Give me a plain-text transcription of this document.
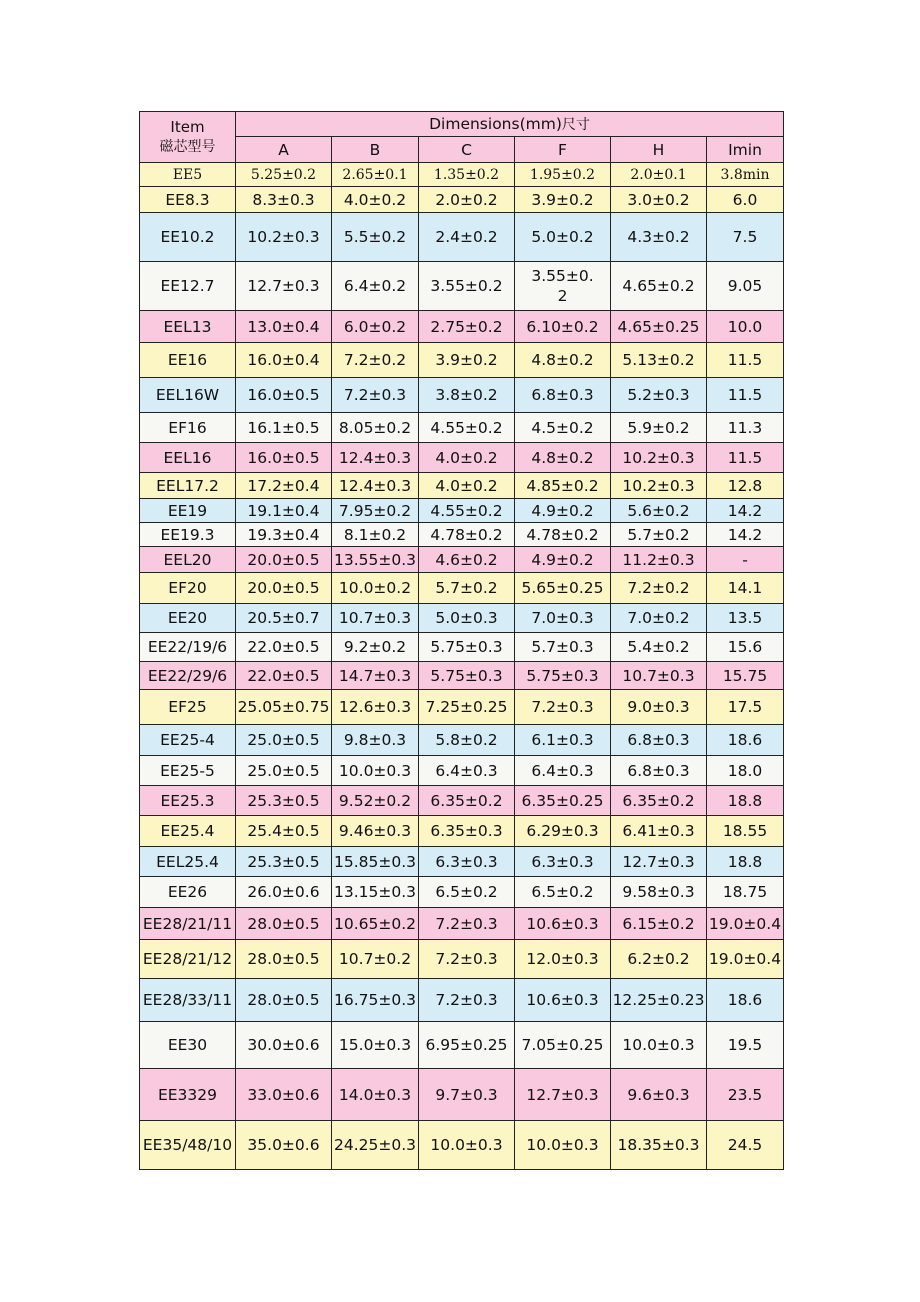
Item
磁芯型号	Dimensions(mm)尺寸					
	A	B	C	F	H	Imin
EE5	5.25±0.2	2.65±0.1	1.35±0.2	1.95±0.2	2.0±0.1	3.8min
EE8.3	8.3±0.3	4.0±0.2	2.0±0.2	3.9±0.2	3.0±0.2	6.0
EE10.2	10.2±0.3	5.5±0.2	2.4±0.2	5.0±0.2	4.3±0.2	7.5
EE12.7	12.7±0.3	6.4±0.2	3.55±0.2	3.55±0.2	4.65±0.2	9.05
EEL13	13.0±0.4	6.0±0.2	2.75±0.2	6.10±0.2	4.65±0.25	10.0
EE16	16.0±0.4	7.2±0.2	3.9±0.2	4.8±0.2	5.13±0.2	11.5
EEL16W	16.0±0.5	7.2±0.3	3.8±0.2	6.8±0.3	5.2±0.3	11.5
EF16	16.1±0.5	8.05±0.2	4.55±0.2	4.5±0.2	5.9±0.2	11.3
EEL16	16.0±0.5	12.4±0.3	4.0±0.2	4.8±0.2	10.2±0.3	11.5
EEL17.2	17.2±0.4	12.4±0.3	4.0±0.2	4.85±0.2	10.2±0.3	12.8
EE19	19.1±0.4	7.95±0.2	4.55±0.2	4.9±0.2	5.6±0.2	14.2
EE19.3	19.3±0.4	8.1±0.2	4.78±0.2	4.78±0.2	5.7±0.2	14.2
EEL20	20.0±0.5	13.55±0.3	4.6±0.2	4.9±0.2	11.2±0.3	-
EF20	20.0±0.5	10.0±0.2	5.7±0.2	5.65±0.25	7.2±0.2	14.1
EE20	20.5±0.7	10.7±0.3	5.0±0.3	7.0±0.3	7.0±0.2	13.5
EE22/19/6	22.0±0.5	9.2±0.2	5.75±0.3	5.7±0.3	5.4±0.2	15.6
EE22/29/6	22.0±0.5	14.7±0.3	5.75±0.3	5.75±0.3	10.7±0.3	15.75
EF25	25.05±0.75	12.6±0.3	7.25±0.25	7.2±0.3	9.0±0.3	17.5
EE25-4	25.0±0.5	9.8±0.3	5.8±0.2	6.1±0.3	6.8±0.3	18.6
EE25-5	25.0±0.5	10.0±0.3	6.4±0.3	6.4±0.3	6.8±0.3	18.0
EE25.3	25.3±0.5	9.52±0.2	6.35±0.2	6.35±0.25	6.35±0.2	18.8
EE25.4	25.4±0.5	9.46±0.3	6.35±0.3	6.29±0.3	6.41±0.3	18.55
EEL25.4	25.3±0.5	15.85±0.3	6.3±0.3	6.3±0.3	12.7±0.3	18.8
EE26	26.0±0.6	13.15±0.3	6.5±0.2	6.5±0.2	9.58±0.3	18.75
EE28/21/11	28.0±0.5	10.65±0.2	7.2±0.3	10.6±0.3	6.15±0.2	19.0±0.4
EE28/21/12	28.0±0.5	10.7±0.2	7.2±0.3	12.0±0.3	6.2±0.2	19.0±0.4
EE28/33/11	28.0±0.5	16.75±0.3	7.2±0.3	10.6±0.3	12.25±0.23	18.6
EE30	30.0±0.6	15.0±0.3	6.95±0.25	7.05±0.25	10.0±0.3	19.5
EE3329	33.0±0.6	14.0±0.3	9.7±0.3	12.7±0.3	9.6±0.3	23.5
EE35/48/10	35.0±0.6	24.25±0.3	10.0±0.3	10.0±0.3	18.35±0.3	24.5
